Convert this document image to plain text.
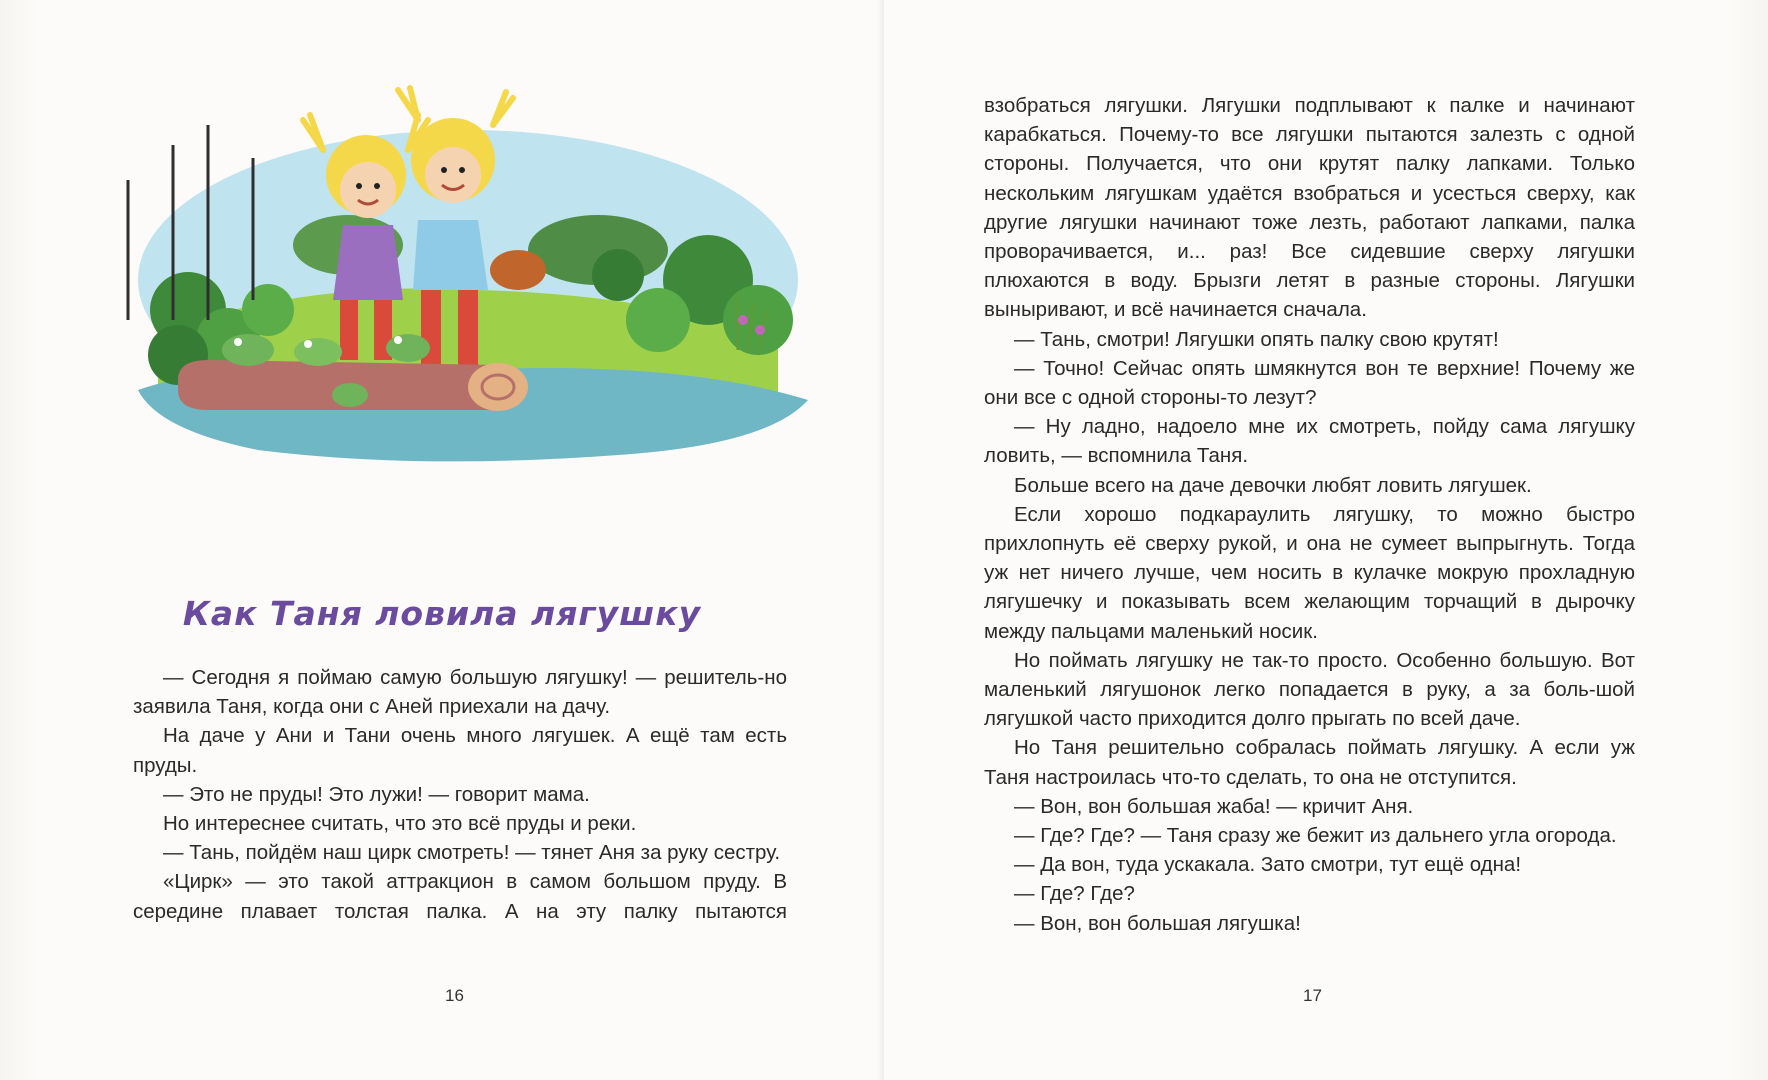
Как Таня ловила лягушку

— Сегодня я поймаю самую большую лягушку! — решитель-но заявила Таня, когда они с Аней приехали на дачу.

На даче у Ани и Тани очень много лягушек. А ещё там есть пруды.

— Это не пруды! Это лужи! — говорит мама.

Но интереснее считать, что это всё пруды и реки.

— Тань, пойдём наш цирк смотреть! — тянет Аня за руку сестру.

«Цирк» — это такой аттракцион в самом большом пруду. В середине плавает толстая палка. А на эту палку пытаются

16

взобраться лягушки. Лягушки подплывают к палке и начинают карабкаться. Почему-то все лягушки пытаются залезть с одной стороны. Получается, что они крутят палку лапками. Только нескольким лягушкам удаётся взобраться и усесться сверху, как другие лягушки начинают тоже лезть, работают лапками, палка проворачивается, и... раз! Все сидевшие сверху лягушки плюхаются в воду. Брызги летят в разные стороны. Лягушки выныривают, и всё начинается сначала.

— Тань, смотри! Лягушки опять палку свою крутят!

— Точно! Сейчас опять шмякнутся вон те верхние! Почему же они все с одной стороны-то лезут?

— Ну ладно, надоело мне их смотреть, пойду сама лягушку ловить, — вспомнила Таня.

Больше всего на даче девочки любят ловить лягушек.

Если хорошо подкараулить лягушку, то можно быстро прихлопнуть её сверху рукой, и она не сумеет выпрыгнуть. Тогда уж нет ничего лучше, чем носить в кулачке мокрую прохладную лягушечку и показывать всем желающим торчащий в дырочку между пальцами маленький носик.

Но поймать лягушку не так-то просто. Особенно большую. Вот маленький лягушонок легко попадается в руку, а за боль-шой лягушкой часто приходится долго прыгать по всей даче.

Но Таня решительно собралась поймать лягушку. А если уж Таня настроилась что-то сделать, то она не отступится.

— Вон, вон большая жаба! — кричит Аня.

— Где? Где? — Таня сразу же бежит из дальнего угла огорода.

— Да вон, туда ускакала. Зато смотри, тут ещё одна!

— Где? Где?

— Вон, вон большая лягушка!

17
